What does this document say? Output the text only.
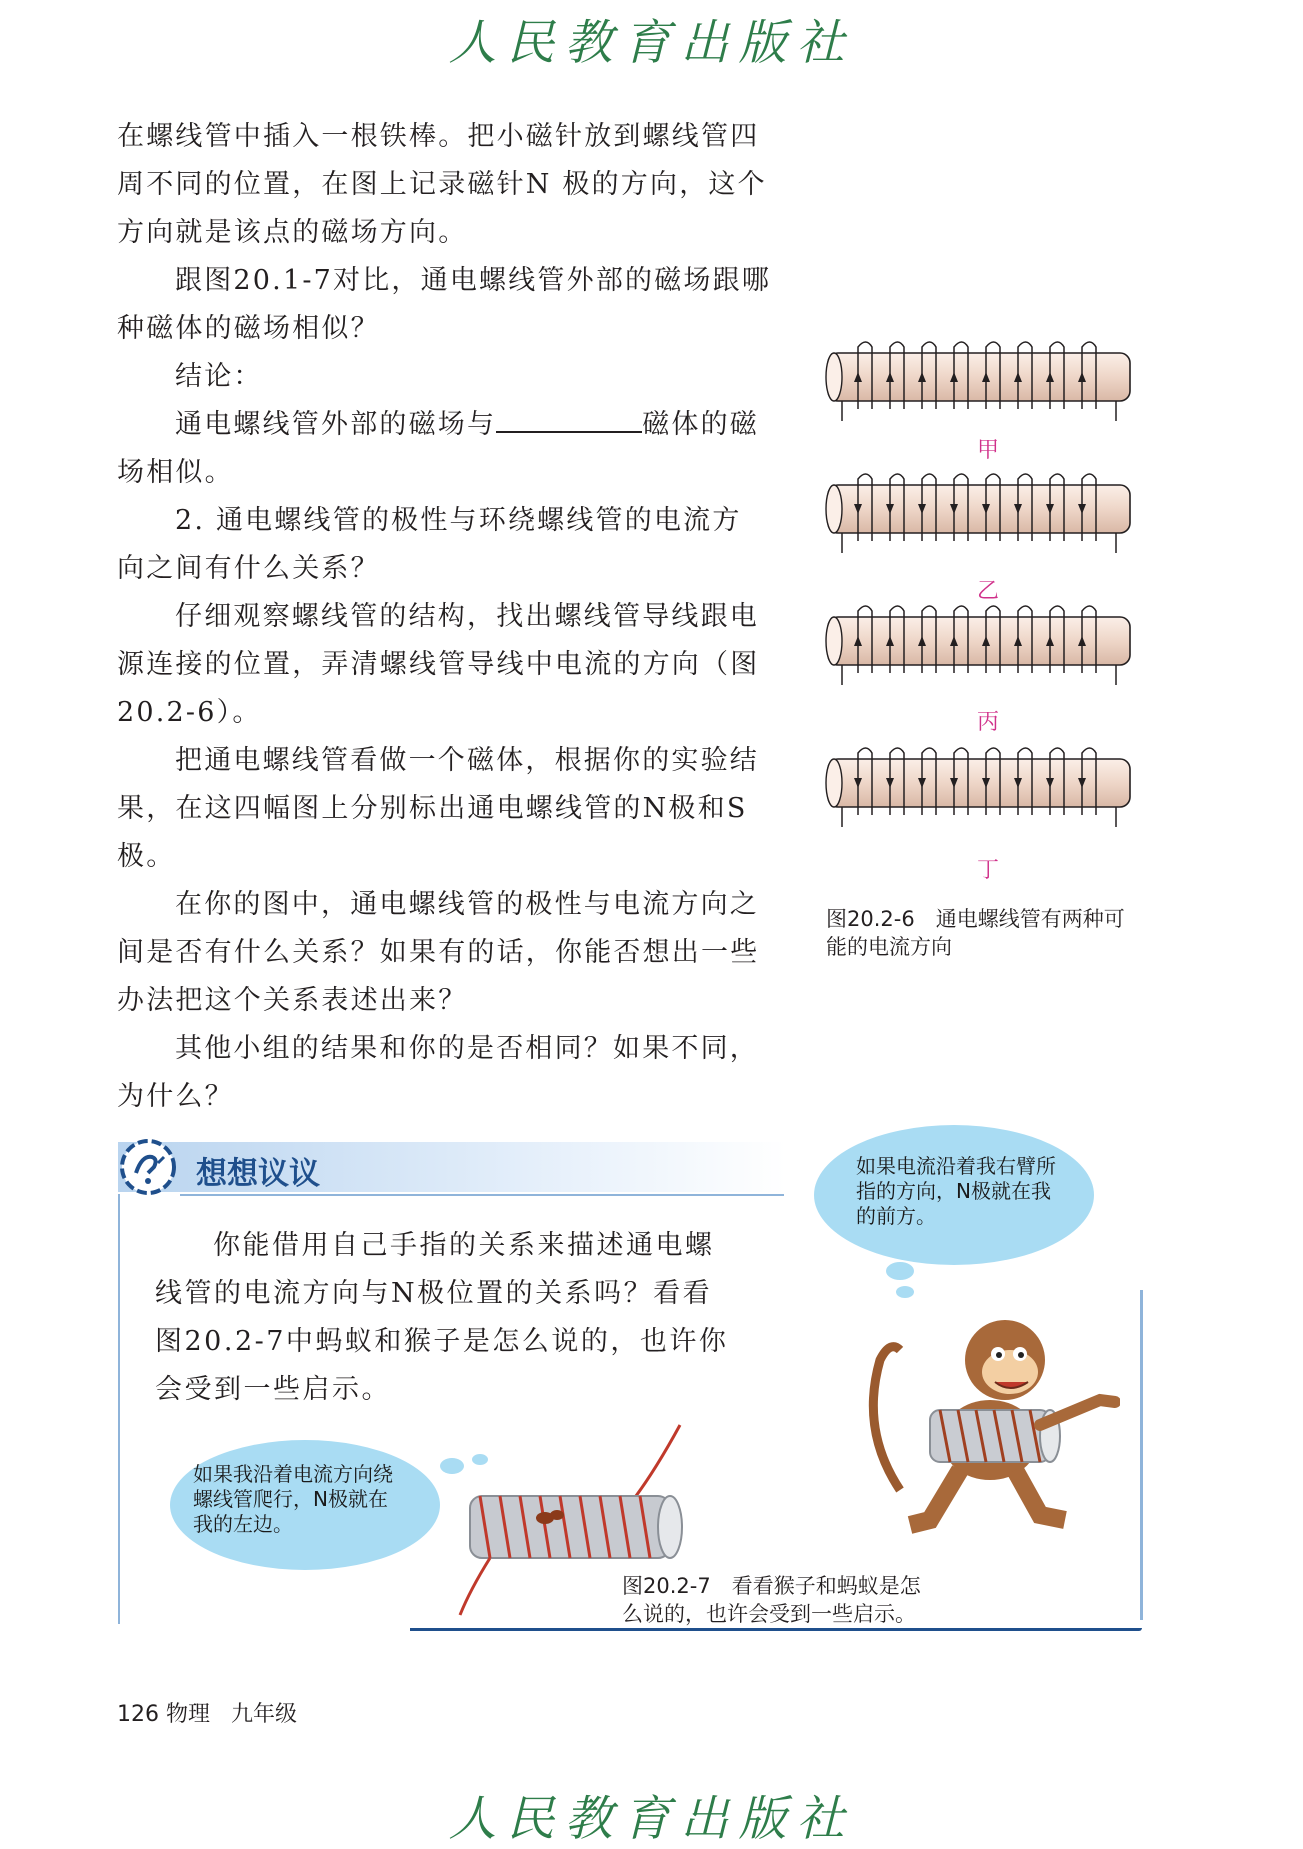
人民教育出版社

在螺线管中插入一根铁棒。把小磁针放到螺线管四

周不同的位置，在图上记录磁针N 极的方向，这个

方向就是该点的磁场方向。

跟图20.1-7对比，通电螺线管外部的磁场跟哪

种磁体的磁场相似？

结论：

通电螺线管外部的磁场与	磁体的磁

场相似。

2. 通电螺线管的极性与环绕螺线管的电流方

向之间有什么关系？

仔细观察螺线管的结构，找出螺线管导线跟电

源连接的位置，弄清螺线管导线中电流的方向（图

20.2-6）。

把通电螺线管看做一个磁体，根据你的实验结

果，在这四幅图上分别标出通电螺线管的N极和S极。

在你的图中，通电螺线管的极性与电流方向之

间是否有什么关系？如果有的话，你能否想出一些

办法把这个关系表述出来？

其他小组的结果和你的是否相同？如果不同，

为什么？

甲
乙
丙
丁
图20.2-6　通电螺线管有两种可
能的电流方向
想想议议

你能借用自己手指的关系来描述通电螺

线管的电流方向与N极位置的关系吗？看看

图20.2-7中蚂蚁和猴子是怎么说的，也许你

会受到一些启示。

如果电流沿着我右臂所
指的方向，N极就在我
的前方。
如果我沿着电流方向绕
螺线管爬行，N极就在
我的左边。
图20.2-7　看看猴子和蚂蚁是怎
么说的，也许会受到一些启示。
126 物理 九年级
人民教育出版社
